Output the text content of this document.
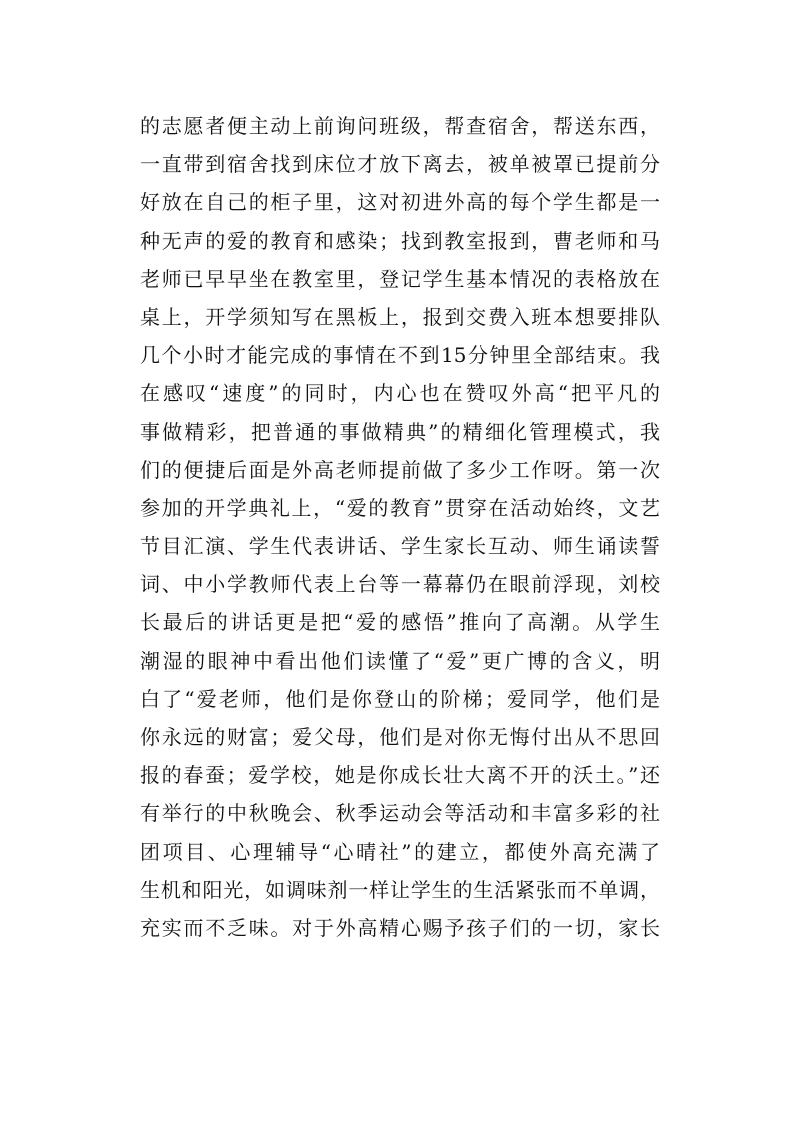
的志愿者便主动上前询问班级，帮查宿舍，帮送东西，
一直带到宿舍找到床位才放下离去，被单被罩已提前分
好放在自己的柜子里，这对初进外高的每个学生都是一
种无声的爱的教育和感染；找到教室报到，曹老师和马
老师已早早坐在教室里，登记学生基本情况的表格放在
桌上，开学须知写在黑板上，报到交费入班本想要排队
几个小时才能完成的事情在不到15分钟里全部结束。我
在感叹“速度”的同时，内心也在赞叹外高“把平凡的
事做精彩，把普通的事做精典”的精细化管理模式，我
们的便捷后面是外高老师提前做了多少工作呀。第一次
参加的开学典礼上，“爱的教育”贯穿在活动始终，文艺
节目汇演、学生代表讲话、学生家长互动、师生诵读誓
词、中小学教师代表上台等一幕幕仍在眼前浮现，刘校
长最后的讲话更是把“爱的感悟”推向了高潮。从学生
潮湿的眼神中看出他们读懂了“爱”更广博的含义，明
白了“爱老师，他们是你登山的阶梯；爱同学，他们是
你永远的财富；爱父母，他们是对你无悔付出从不思回
报的春蚕；爱学校，她是你成长壮大离不开的沃土。”还
有举行的中秋晚会、秋季运动会等活动和丰富多彩的社
团项目、心理辅导“心晴社”的建立，都使外高充满了
生机和阳光，如调味剂一样让学生的生活紧张而不单调，
充实而不乏味。对于外高精心赐予孩子们的一切，家长
